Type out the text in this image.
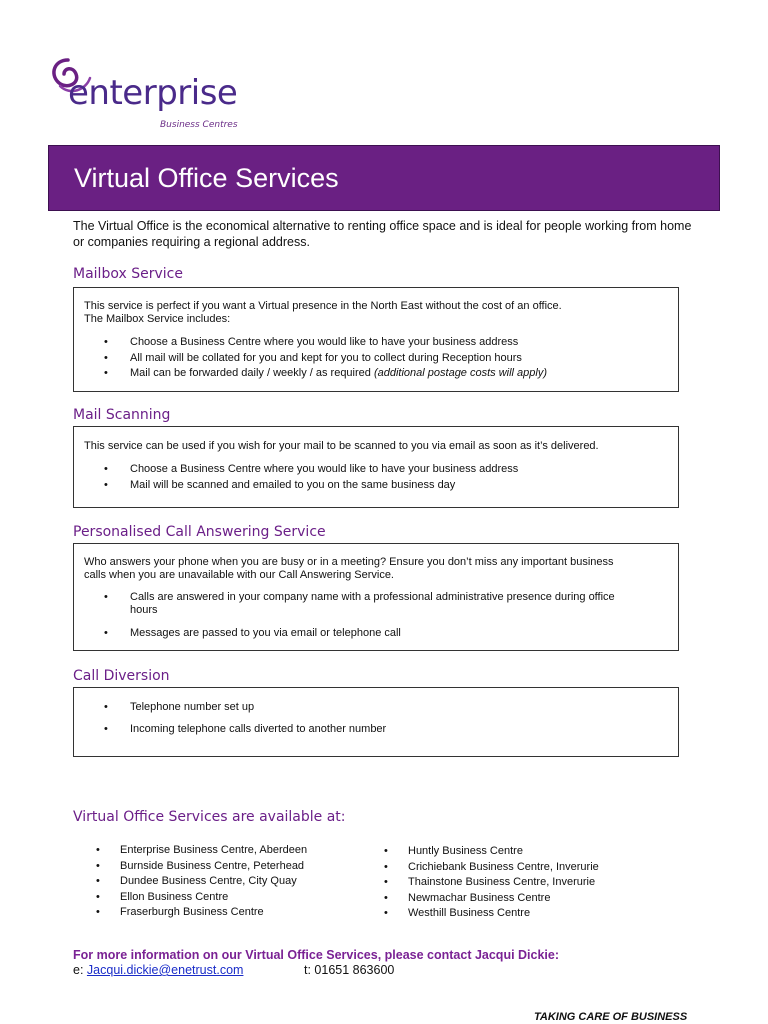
enterprise
Business Centres
Virtual Office Services
The Virtual Office is the economical alternative to renting office space and is ideal for people working from home or companies requiring a regional address.
Mailbox Service
This service is perfect if you want a Virtual presence in the North East without the cost of an office.
The Mailbox Service includes:
• Choose a Business Centre where you would like to have your business address
• All mail will be collated for you and kept for you to collect during Reception hours
• Mail can be forwarded daily / weekly / as required (additional postage costs will apply)
Mail Scanning
This service can be used if you wish for your mail to be scanned to you via email as soon as it’s delivered.
• Choose a Business Centre where you would like to have your business address
• Mail will be scanned and emailed to you on the same business day
Personalised Call Answering Service
Who answers your phone when you are busy or in a meeting? Ensure you don’t miss any important business
calls when you are unavailable with our Call Answering Service.
• Calls are answered in your company name with a professional administrative presence during office hours
• Messages are passed to you via email or telephone call
Call Diversion
• Telephone number set up
• Incoming telephone calls diverted to another number
Virtual Office Services are available at:
• Enterprise Business Centre, Aberdeen
• Burnside Business Centre, Peterhead
• Dundee Business Centre, City Quay
• Ellon Business Centre
• Fraserburgh Business Centre
• Huntly Business Centre
• Crichiebank Business Centre, Inverurie
• Thainstone Business Centre, Inverurie
• Newmachar Business Centre
• Westhill Business Centre
For more information on our Virtual Office Services, please contact Jacqui Dickie:
e: Jacqui.dickie@enetrust.com	t: 01651 863600
TAKING CARE OF BUSINESS
